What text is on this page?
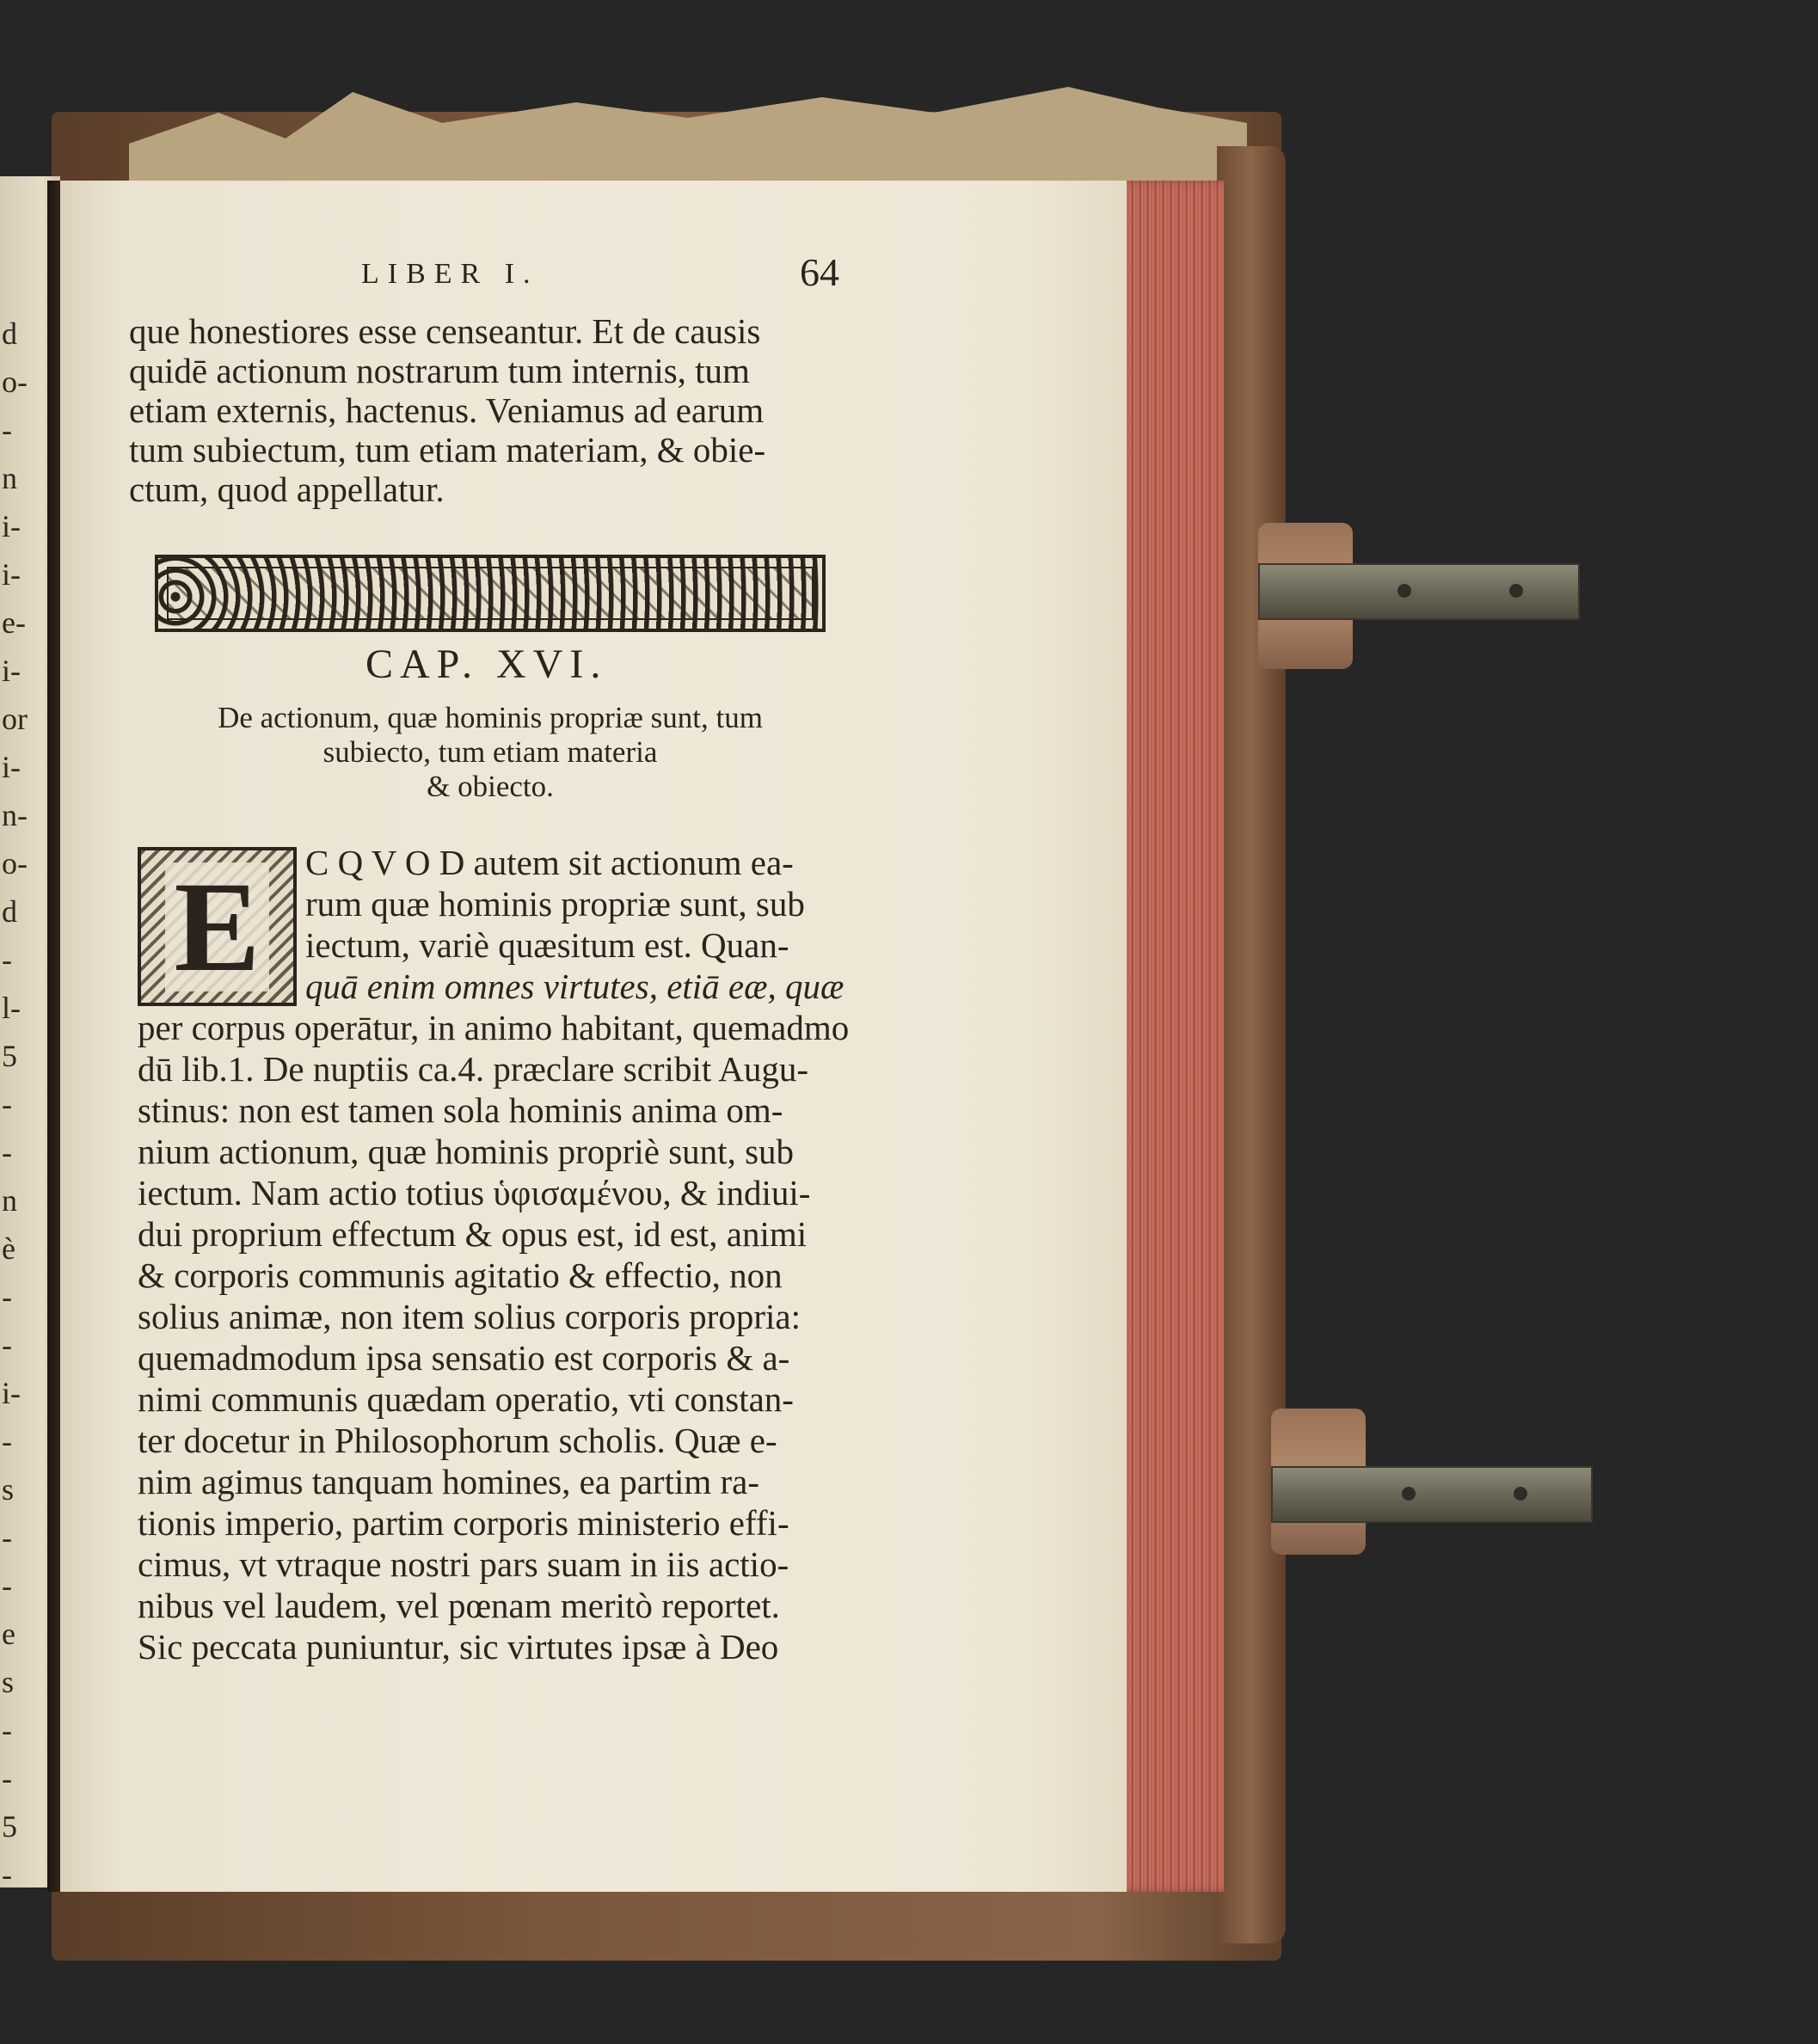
d
o-
-
n
i-
i-
e-
i-
or
i-
n-
o-
d
-
l-
5
-
-
n
è
-
-
i-
-
s
-
-
e
s
-
-
5
-
e
LIBER I.	64
que honestiores esse censeantur. Et de causis
quidē actionum nostrarum tum internis, tum
etiam externis, hactenus. Veniamus ad earum
tum subiectum, tum etiam materiam, & obie-
ctum, quod appellatur.
CAP. XVI.
De actionum, quæ hominis propriæ sunt, tum
subiecto, tum etiam materia
& obiecto.
E C Q V O D autem sit actionum ea-
rum quæ hominis propriæ sunt, sub
iectum, variè quæsitum est. Quan-
quā enim omnes virtutes, etiā eæ, quæ
per corpus operātur, in animo habitant, quemadmo
dū lib.1. De nuptiis ca.4. præclare scribit Augu-
stinus: non est tamen sola hominis anima om-
nium actionum, quæ hominis propriè sunt, sub
iectum. Nam actio totius ὑφισαμένου, & indiui-
dui proprium effectum & opus est, id est, animi
& corporis communis agitatio & effectio, non
solius animæ, non item solius corporis propria:
quemadmodum ipsa sensatio est corporis & a-
nimi communis quædam operatio, vti constan-
ter docetur in Philosophorum scholis. Quæ e-
nim agimus tanquam homines, ea partim ra-
tionis imperio, partim corporis ministerio effi-
cimus, vt vtraque nostri pars suam in iis actio-
nibus vel laudem, vel pœnam meritò reportet.
Sic peccata puniuntur, sic virtutes ipsæ à Deo
